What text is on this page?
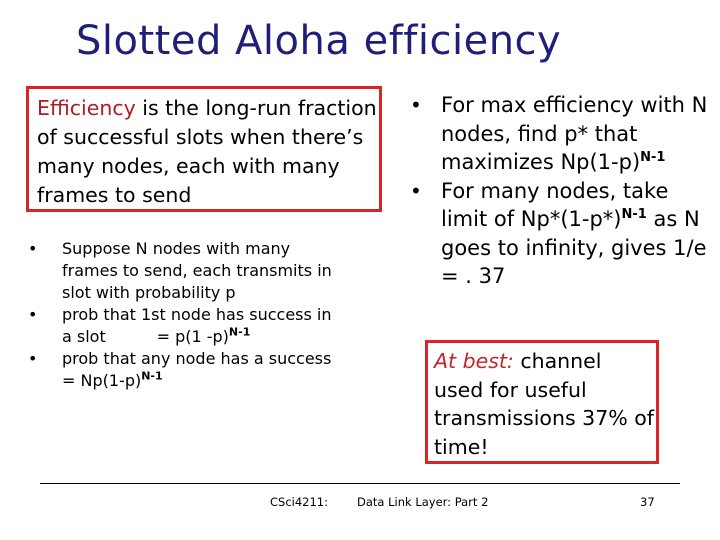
Slotted Aloha efficiency
Efficiency is the long-run fraction of successful slots when there’s many nodes, each with many frames to send
• Suppose N nodes with many frames to send, each transmits in slot with probability p
• prob that 1st node has success in a slot          = p(1 -p)$^{N-1}$
• prob that any node has a success = $Np(1-p)^{N-1}$
• For max efficiency with N nodes, find p* that maximizes $Np(1-p)^{N-1}$
• For many nodes, take limit of $Np*(1-p*)^{N-1}$ as N goes to infinity, gives 1/e = . 37
At best: channel used for useful transmissions 37% of time!
CSci4211:	Data Link Layer: Part 2	37
